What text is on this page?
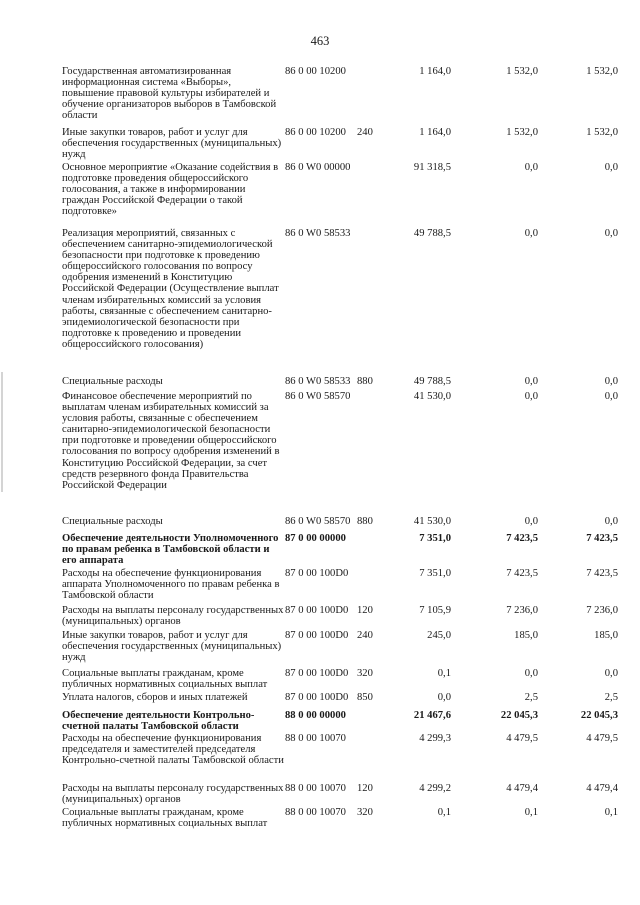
463
Государственная автоматизированная информационная система «Выборы», повышение правовой культуры избирателей и обучение организаторов выборов в Тамбовской области
86 0 00 10200	1 164,0	1 532,0	1 532,0
Иные закупки товаров, работ и услуг для обеспечения государственных (муниципальных) нужд
86 0 00 10200 240	1 164,0	1 532,0	1 532,0
Основное мероприятие «Оказание содействия в подготовке проведения общероссийского голосования, а также в информировании граждан Российской Федерации о такой подготовке»
86 0 W0 00000	91 318,5	0,0	0,0
Реализация мероприятий, связанных с обеспечением санитарно-эпидемиологической безопасности при подготовке к проведению общероссийского голосования по вопросу одобрения изменений в Конституцию Российской Федерации (Осуществление выплат членам избирательных комиссий за условия работы, связанные с обеспечением санитарно-эпидемиологической безопасности при подготовке к проведению и проведении общероссийского голосования)
86 0 W0 58533	49 788,5	0,0	0,0
Специальные расходы	86 0 W0 58533 880	49 788,5	0,0	0,0
Финансовое обеспечение мероприятий по выплатам членам избирательных комиссий за условия работы, связанные с обеспечением санитарно-эпидемиологической безопасности при подготовке и проведении общероссийского голосования по вопросу одобрения изменений в Конституцию Российской Федерации, за счет средств резервного фонда Правительства Российской Федерации
86 0 W0 58570	41 530,0	0,0	0,0
Специальные расходы	86 0 W0 58570 880	41 530,0	0,0	0,0
Обеспечение деятельности Уполномоченного по правам ребенка в Тамбовской области и его аппарата
87 0 00 00000	7 351,0	7 423,5	7 423,5
Расходы на обеспечение функционирования аппарата Уполномоченного по правам ребенка в Тамбовской области
87 0 00 100D0	7 351,0	7 423,5	7 423,5
Расходы на выплаты персоналу государственных (муниципальных) органов
87 0 00 100D0 120	7 105,9	7 236,0	7 236,0
Иные закупки товаров, работ и услуг для обеспечения государственных (муниципальных) нужд
87 0 00 100D0 240	245,0	185,0	185,0
Социальные выплаты гражданам, кроме публичных нормативных социальных выплат
87 0 00 100D0 320	0,1	0,0	0,0
Уплата налогов, сборов и иных платежей	87 0 00 100D0 850	0,0	2,5	2,5
Обеспечение деятельности Контрольно-счетной палаты Тамбовской области
88 0 00 00000	21 467,6	22 045,3	22 045,3
Расходы на обеспечение функционирования председателя и заместителей председателя Контрольно-счетной палаты Тамбовской области
88 0 00 10070	4 299,3	4 479,5	4 479,5
Расходы на выплаты персоналу государственных (муниципальных) органов
88 0 00 10070 120	4 299,2	4 479,4	4 479,4
Социальные выплаты гражданам, кроме публичных нормативных социальных выплат
88 0 00 10070 320	0,1	0,1	0,1
